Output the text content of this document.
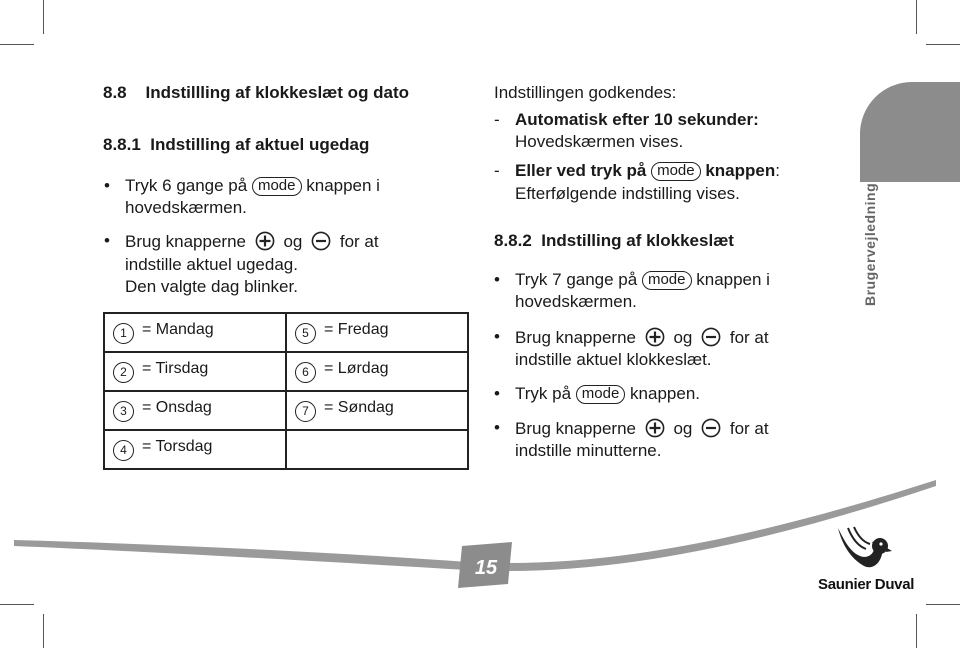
Brugervejledning
8.8    Indstillling af klokkeslæt og dato
8.8.1  Indstilling af aktuel ugedag
• Tryk 6 gange på mode knappen i
hovedskærmen.
• Brug knapperne og for at
indstille aktuel ugedag.
Den valgte dag blinker.
1 = Mandag	5 = Fredag
2 = Tirsdag	6 = Lørdag
3 = Onsdag	7 = Søndag
4 = Torsdag	
Indstillingen godkendes:
- Automatisk efter 10 sekunder:
Hovedskærmen vises.
- Eller ved tryk på mode knappen:
Efterfølgende indstilling vises.
8.8.2  Indstilling af klokkeslæt
• Tryk 7 gange på mode knappen i
hovedskærmen.
• Brug knapperne og for at
indstille aktuel klokkeslæt.
• Tryk på mode knappen.
• Brug knapperne og for at
indstille minutterne.
15
Saunier Duval
